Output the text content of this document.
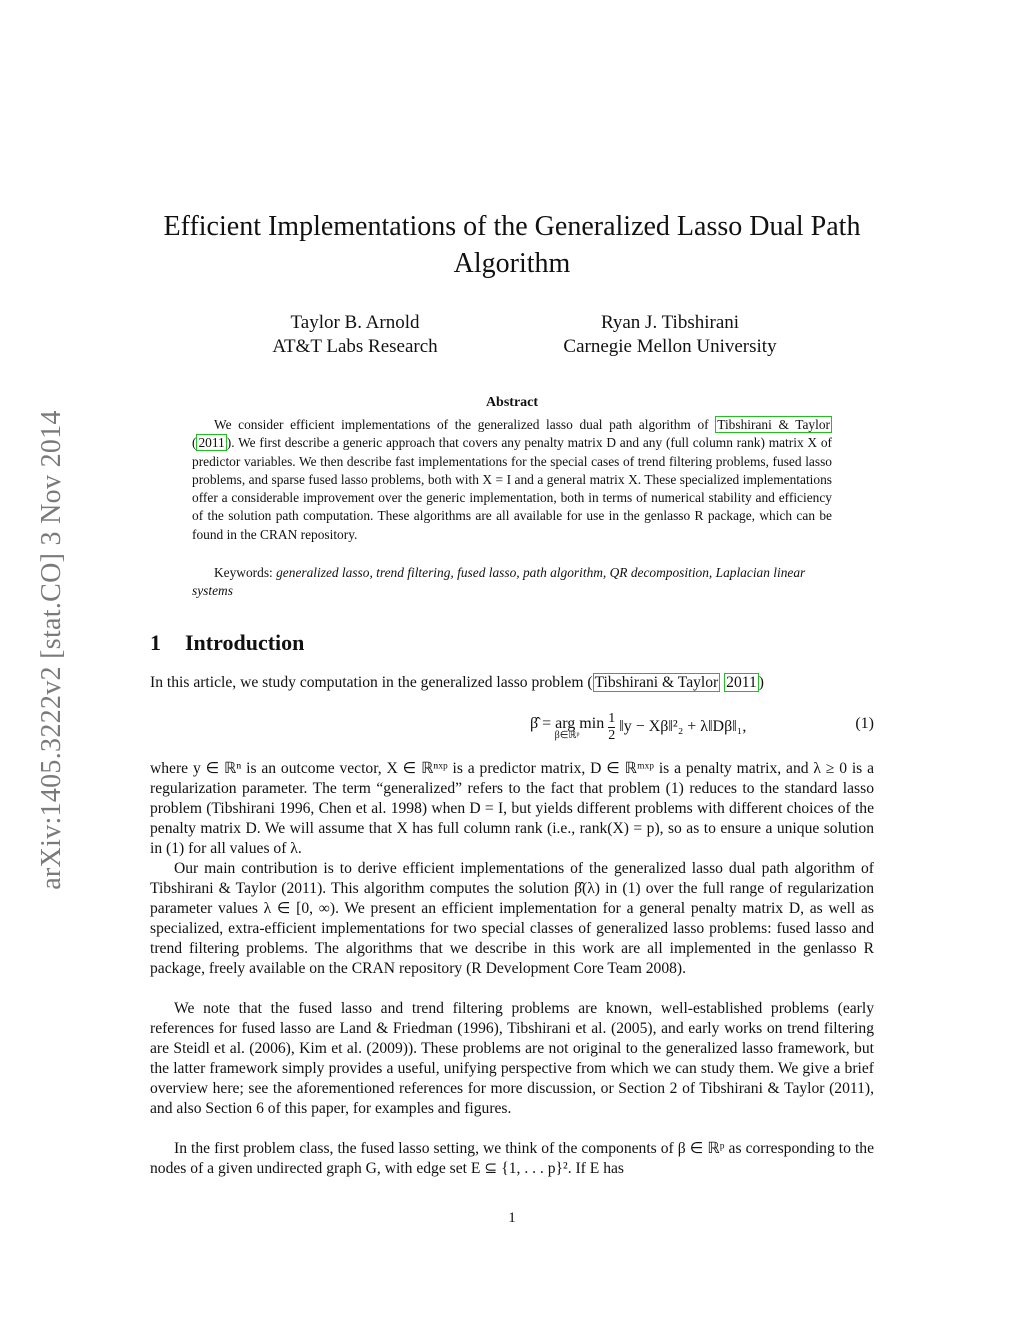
arXiv:1405.3222v2 [stat.CO] 3 Nov 2014
Efficient Implementations of the Generalized Lasso Dual Path Algorithm
Taylor B. Arnold
AT&T Labs Research
Ryan J. Tibshirani
Carnegie Mellon University
Abstract

We consider efficient implementations of the generalized lasso dual path algorithm of Tibshirani & Taylor ( 2011 ). We first describe a generic approach that covers any penalty matrix D and any (full column rank) matrix X of predictor variables. We then describe fast implementations for the special cases of trend filtering problems, fused lasso problems, and sparse fused lasso problems, both with X = I and a general matrix X. These specialized implementations offer a considerable improvement over the generic implementation, both in terms of numerical stability and efficiency of the solution path computation. These algorithms are all available for use in the genlasso R package, which can be found in the CRAN repository.

Keywords: generalized lasso, trend filtering, fused lasso, path algorithm, QR decomposition, Laplacian linear systems

1 Introduction

In this article, we study computation in the generalized lasso problem ( Tibshirani & Taylor 2011 )

β̂ = arg min
β∈ℝᵖ	$\frac{1}{2}$ ‖y − Xβ‖²₂ + λ‖Dβ‖₁,	(1)

where y ∈ ℝⁿ is an outcome vector, X ∈ ℝⁿˣᵖ is a predictor matrix, D ∈ ℝᵐˣᵖ is a penalty matrix, and λ ≥ 0 is a regularization parameter. The term “generalized” refers to the fact that problem (1) reduces to the standard lasso problem (Tibshirani 1996, Chen et al. 1998) when D = I, but yields different problems with different choices of the penalty matrix D. We will assume that X has full column rank (i.e., rank(X) = p), so as to ensure a unique solution in (1) for all values of λ.

Our main contribution is to derive efficient implementations of the generalized lasso dual path algorithm of Tibshirani & Taylor (2011). This algorithm computes the solution β̂(λ) in (1) over the full range of regularization parameter values λ ∈ [0, ∞). We present an efficient implementation for a general penalty matrix D, as well as specialized, extra-efficient implementations for two special classes of generalized lasso problems: fused lasso and trend filtering problems. The algorithms that we describe in this work are all implemented in the genlasso R package, freely available on the CRAN repository (R Development Core Team 2008).

We note that the fused lasso and trend filtering problems are known, well-established problems (early references for fused lasso are Land & Friedman (1996), Tibshirani et al. (2005), and early works on trend filtering are Steidl et al. (2006), Kim et al. (2009)). These problems are not original to the generalized lasso framework, but the latter framework simply provides a useful, unifying perspective from which we can study them. We give a brief overview here; see the aforementioned references for more discussion, or Section 2 of Tibshirani & Taylor (2011), and also Section 6 of this paper, for examples and figures.

In the first problem class, the fused lasso setting, we think of the components of β ∈ ℝᵖ as corresponding to the nodes of a given undirected graph G, with edge set E ⊆ {1, . . . p}². If E has

1
